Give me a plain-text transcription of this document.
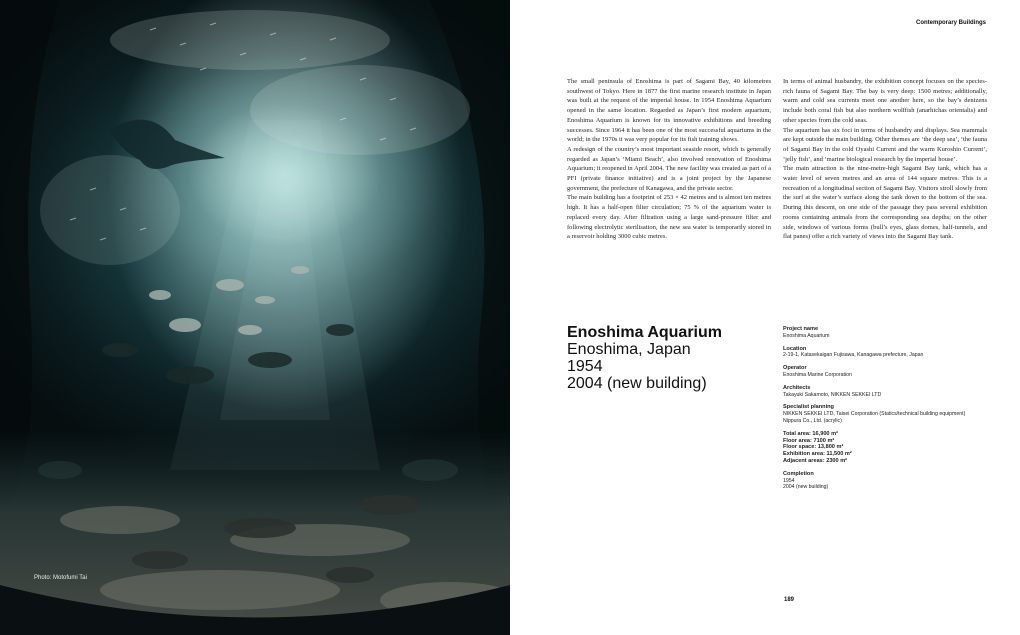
Photo: Motofumi Tai
Contemporary Buildings

The small peninsula of Enoshima is part of Sagami Bay, 40 kilometres southwest of Tokyo. Here in 1877 the first marine research institute in Japan was built at the request of the imperial house. In 1954 Enoshima Aquarium opened in the same location. Regarded as Japan’s first modern aquarium, Enoshima Aquarium is known for its innovative exhibitions and breeding successes. Since 1964 it has been one of the most successful aquariums in the world; in the 1970s it was very popular for its fish training shows.

A redesign of the country’s most important seaside resort, which is generally regarded as Japan’s ‘Miami Beach’, also involved renovation of Enoshima Aquarium; it reopened in April 2004. The new facility was created as part of a PFI (private finance initiative) and is a joint project by the Japanese government, the prefecture of Kanagawa, and the private sector.

The main building has a footprint of 253 × 42 metres and is almost ten metres high. It has a half-open filter circulation; 75 % of the aquarium water is replaced every day. After filtration using a large sand-pressure filter and following electrolytic sterilisation, the new sea water is temporarily stored in a reservoir holding 3000 cubic metres.

In terms of animal husbandry, the exhibition concept focuses on the species-rich fauna of Sagami Bay. The bay is very deep: 1500 metres; additionally, warm and cold sea currents meet one another here, so the bay’s denizens include both coral fish but also northern wolffish (anarhichas orientalis) and other species from the cold seas.

The aquarium has six foci in terms of husbandry and displays. Sea mammals are kept outside the main building. Other themes are ‘the deep sea’, ‘the fauna of Sagami Bay in the cold Oyashi Current and the warm Kuroshio Current’, ‘jelly fish’, and ‘marine biological research by the imperial house’.

The main attraction is the nine-metre-high Sagami Bay tank, which has a water level of seven metres and an area of 144 square metres. This is a recreation of a longitudinal section of Sagami Bay. Visitors stroll slowly from the surf at the water’s surface along the tank down to the bottom of the sea. During this descent, on one side of the passage they pass several exhibition rooms containing animals from the corresponding sea depths; on the other side, windows of various forms (bull’s eyes, glass domes, half-tunnels, and flat panes) offer a rich variety of views into the Sagami Bay tank.

Enoshima Aquarium
Enoshima, Japan
1954
2004 (new building)
Project name
Enoshima Aquarium
Location
2-19-1, Katasekaigan Fujisawa, Kanagawa prefecture, Japan
Operator
Enoshima Marine Corporation
Architects
Takayuki Sakamoto, NIKKEN SEKKEI LTD
Specialist planning
NIKKEN SEKKEI LTD, Taisei Corporation (Statics/technical building equipment)
Nippura Co., Ltd. (acrylic)
Total area: 16,900 m²
Floor area: 7100 m²
Floor space: 13,800 m²
Exhibition area: 11,500 m²
Adjacent areas: 2300 m²
Completion
1954
2004 (new building)
189
